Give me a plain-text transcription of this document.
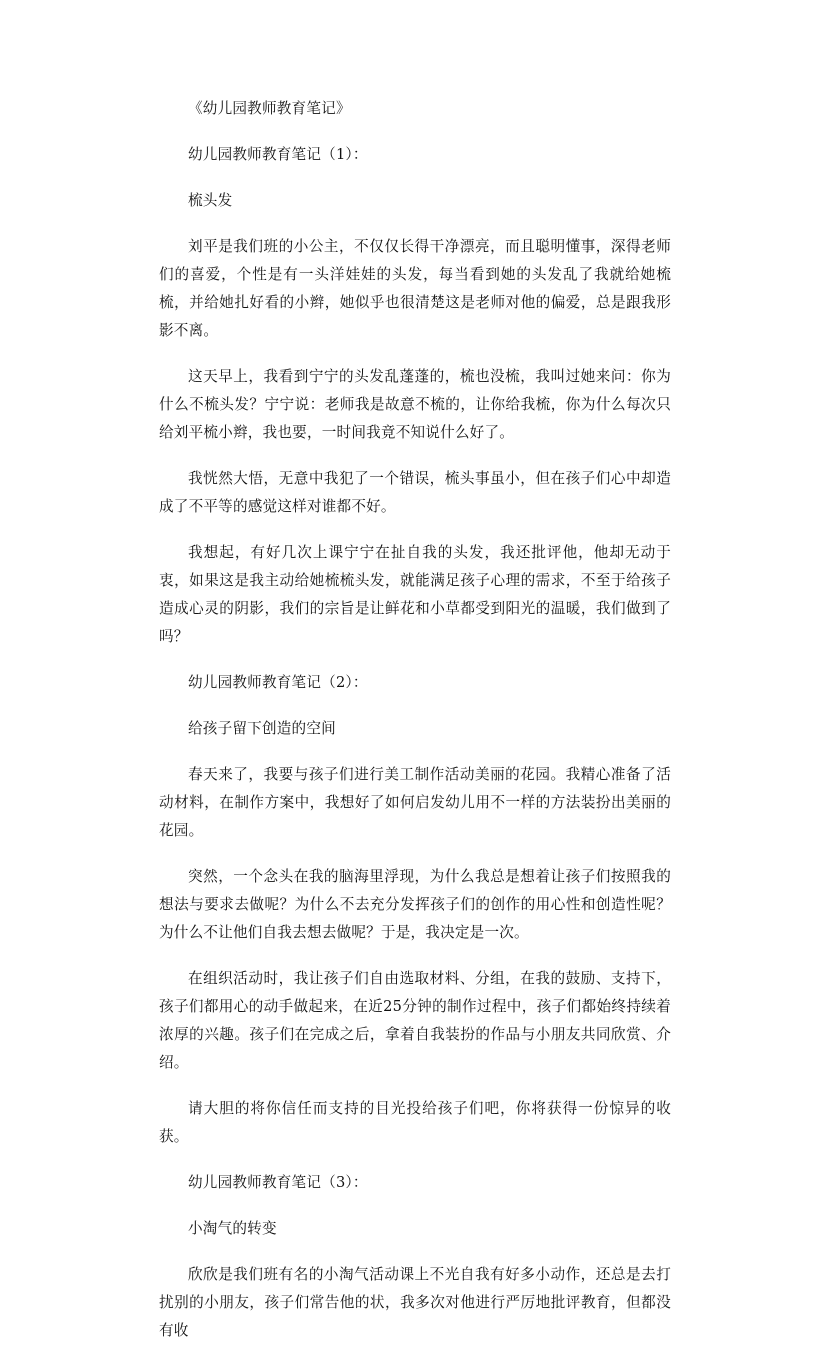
《幼儿园教师教育笔记》

幼儿园教师教育笔记（1）：

梳头发

刘平是我们班的小公主，不仅仅长得干净漂亮，而且聪明懂事，深得老师们的喜爱，个性是有一头洋娃娃的头发，每当看到她的头发乱了我就给她梳梳，并给她扎好看的小辫，她似乎也很清楚这是老师对他的偏爱，总是跟我形影不离。

这天早上，我看到宁宁的头发乱蓬蓬的，梳也没梳，我叫过她来问：你为什么不梳头发？宁宁说：老师我是故意不梳的，让你给我梳，你为什么每次只给刘平梳小辫，我也要，一时间我竟不知说什么好了。

我恍然大悟，无意中我犯了一个错误，梳头事虽小，但在孩子们心中却造成了不平等的感觉这样对谁都不好。

我想起，有好几次上课宁宁在扯自我的头发，我还批评他，他却无动于衷，如果这是我主动给她梳梳头发，就能满足孩子心理的需求，不至于给孩子造成心灵的阴影，我们的宗旨是让鲜花和小草都受到阳光的温暖，我们做到了吗？

幼儿园教师教育笔记（2）：

给孩子留下创造的空间

春天来了，我要与孩子们进行美工制作活动美丽的花园。我精心准备了活动材料，在制作方案中，我想好了如何启发幼儿用不一样的方法装扮出美丽的花园。

突然，一个念头在我的脑海里浮现，为什么我总是想着让孩子们按照我的想法与要求去做呢？为什么不去充分发挥孩子们的创作的用心性和创造性呢？为什么不让他们自我去想去做呢？于是，我决定是一次。

在组织活动时，我让孩子们自由选取材料、分组，在我的鼓励、支持下，孩子们都用心的动手做起来，在近25分钟的制作过程中，孩子们都始终持续着浓厚的兴趣。孩子们在完成之后，拿着自我装扮的作品与小朋友共同欣赏、介绍。

请大胆的将你信任而支持的目光投给孩子们吧，你将获得一份惊异的收获。

幼儿园教师教育笔记（3）：

小淘气的转变

欣欣是我们班有名的小淘气活动课上不光自我有好多小动作，还总是去打扰别的小朋友，孩子们常告他的状，我多次对他进行严厉地批评教育，但都没有收
